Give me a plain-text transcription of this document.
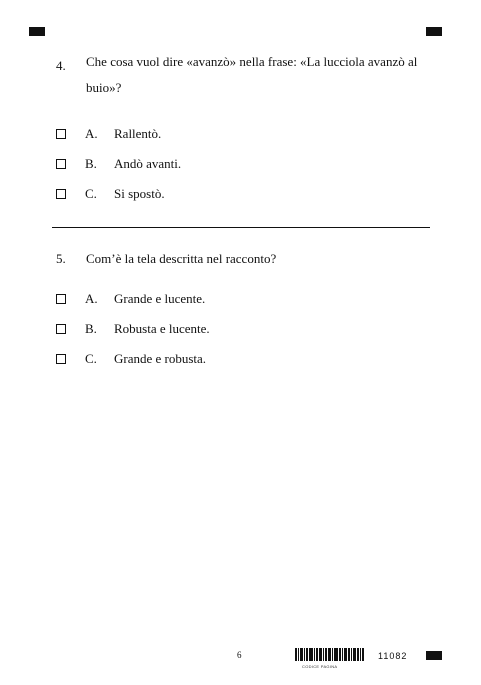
4. Che cosa vuol dire «avanzò» nella frase: «La lucciola avanzò al
buio»?
A. Rallentò.
B. Andò avanti.
C. Si spostò.
5. Com’è la tela descritta nel racconto?
A. Grande e lucente.
B. Robusta e lucente.
C. Grande e robusta.
6
CODICE PAGINA
11082
